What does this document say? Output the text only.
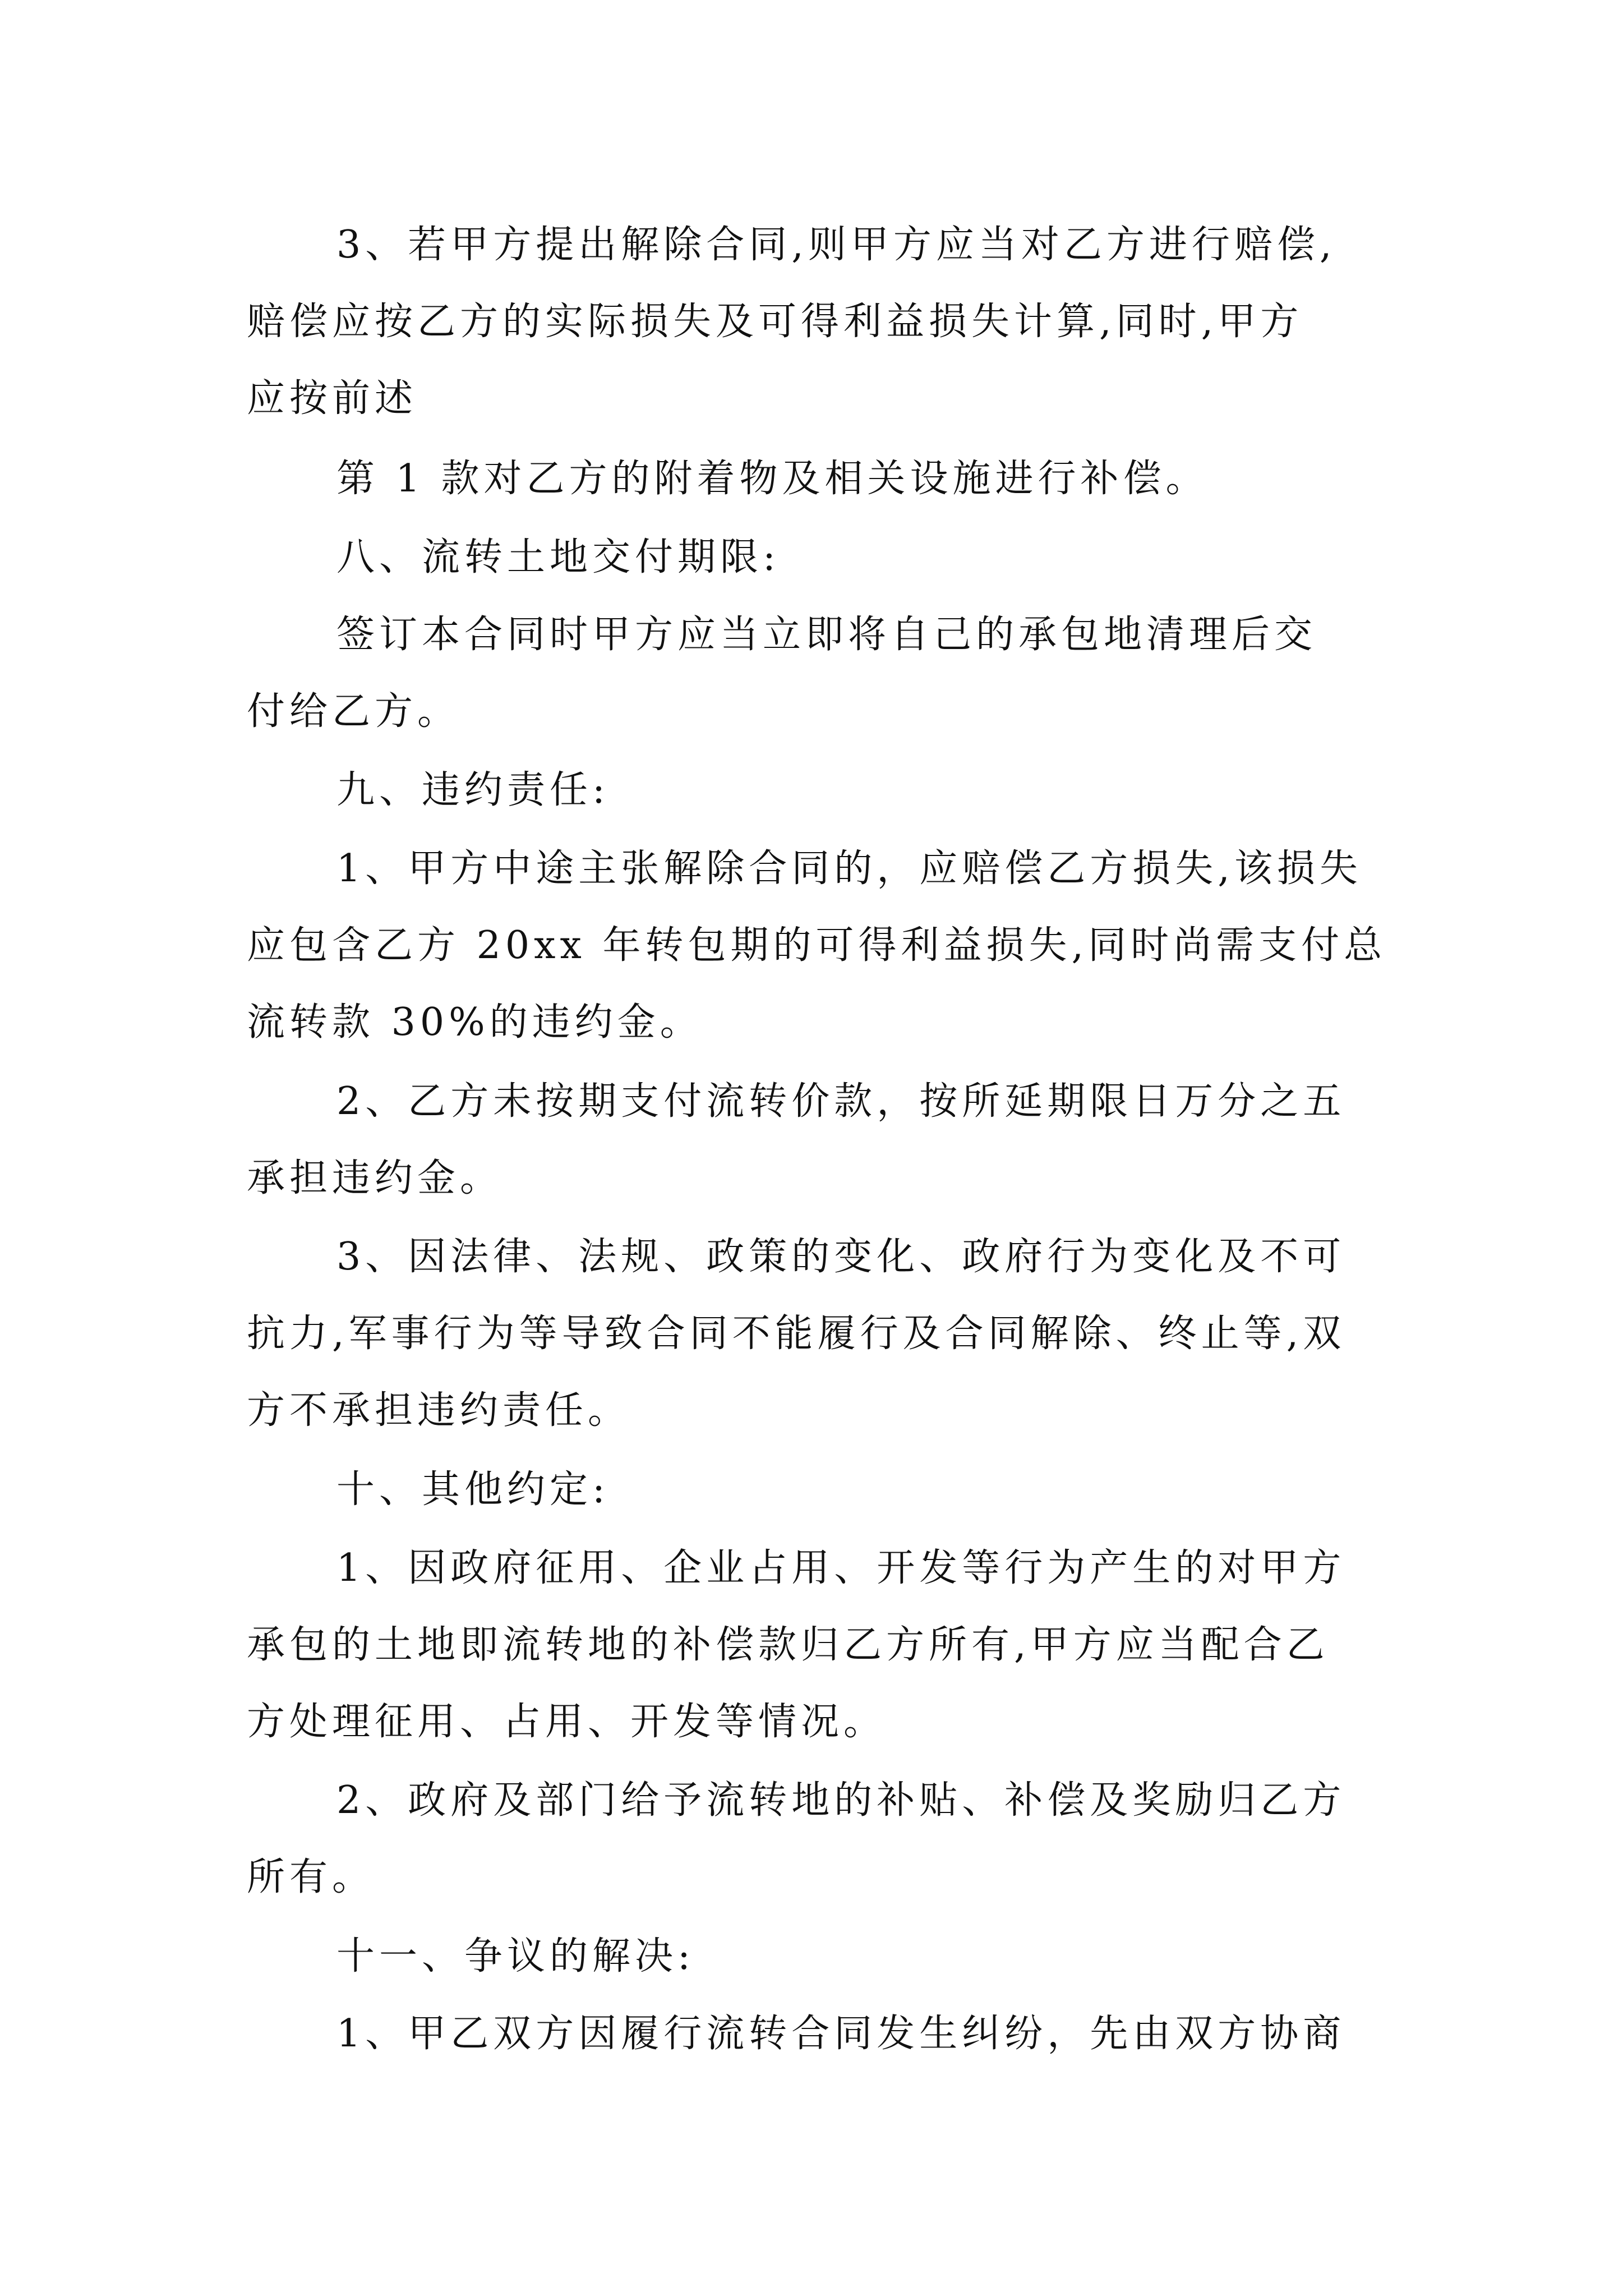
3、若甲方提出解除合同,则甲方应当对乙方进行赔偿,

赔偿应按乙方的实际损失及可得利益损失计算,同时,甲方

应按前述

第 1 款对乙方的附着物及相关设施进行补偿。

八、流转土地交付期限:

签订本合同时甲方应当立即将自己的承包地清理后交

付给乙方。

九、违约责任:

1、甲方中途主张解除合同的，应赔偿乙方损失,该损失

应包含乙方 20xx 年转包期的可得利益损失,同时尚需支付总

流转款 30%的违约金。

2、乙方未按期支付流转价款，按所延期限日万分之五

承担违约金。

3、因法律、法规、政策的变化、政府行为变化及不可

抗力,军事行为等导致合同不能履行及合同解除、终止等,双

方不承担违约责任。

十、其他约定:

1、因政府征用、企业占用、开发等行为产生的对甲方

承包的土地即流转地的补偿款归乙方所有,甲方应当配合乙

方处理征用、占用、开发等情况。

2、政府及部门给予流转地的补贴、补偿及奖励归乙方

所有。

十一、争议的解决:

1、甲乙双方因履行流转合同发生纠纷，先由双方协商
